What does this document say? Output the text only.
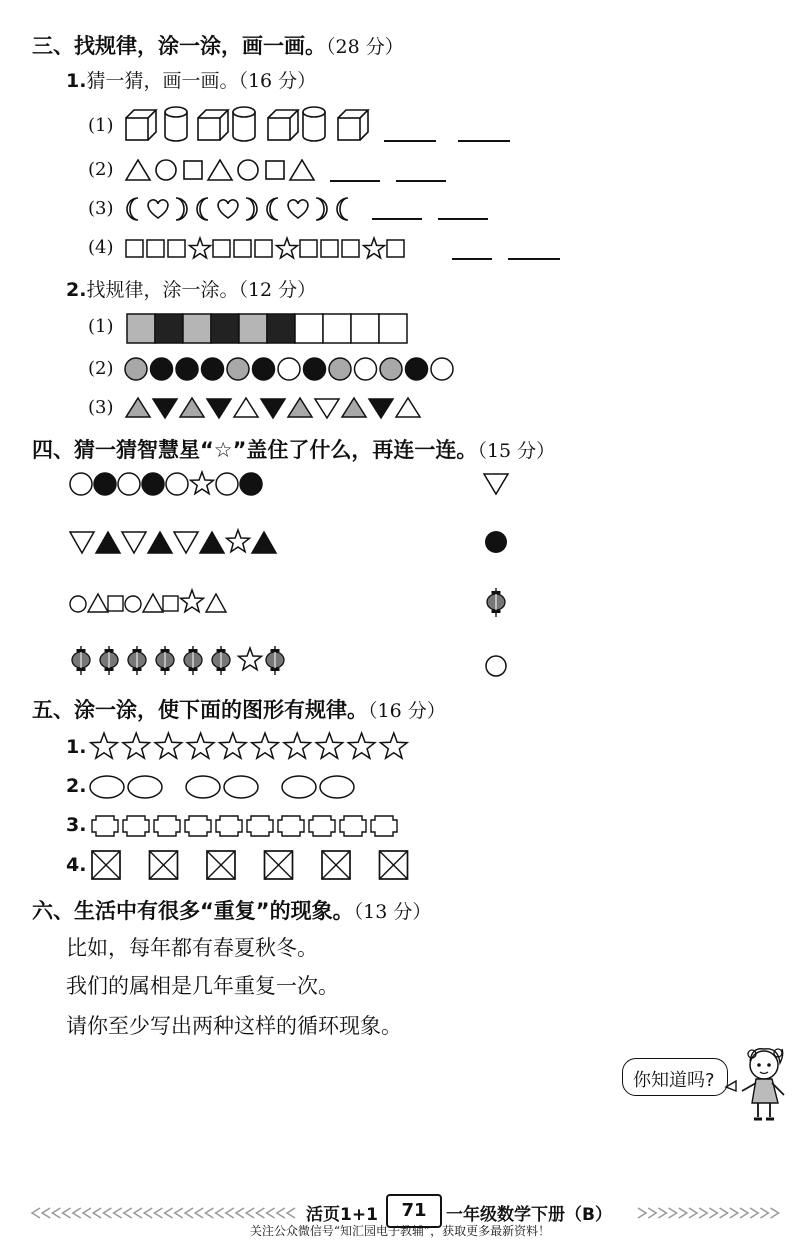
三、找规律，涂一涂，画一画。（28 分）
1.猜一猜，画一画。（16 分）
(1)
(2)
(3)
(4)
2.找规律，涂一涂。（12 分）
(1)
(2)
(3)
四、猜一猜智慧星“☆”盖住了什么，再连一连。（15 分）
五、涂一涂，使下面的图形有规律。（16 分）
1.
2.
3.
4.
六、生活中有很多“重复”的现象。（13 分）
比如，每年都有春夏秋冬。
我们的属相是几年重复一次。
请你至少写出两种这样的循环现象。
你知道吗?
活页1+1	71	一年级数学下册（B）
关注公众微信号“知汇园电子教辅”，获取更多最新资料！
